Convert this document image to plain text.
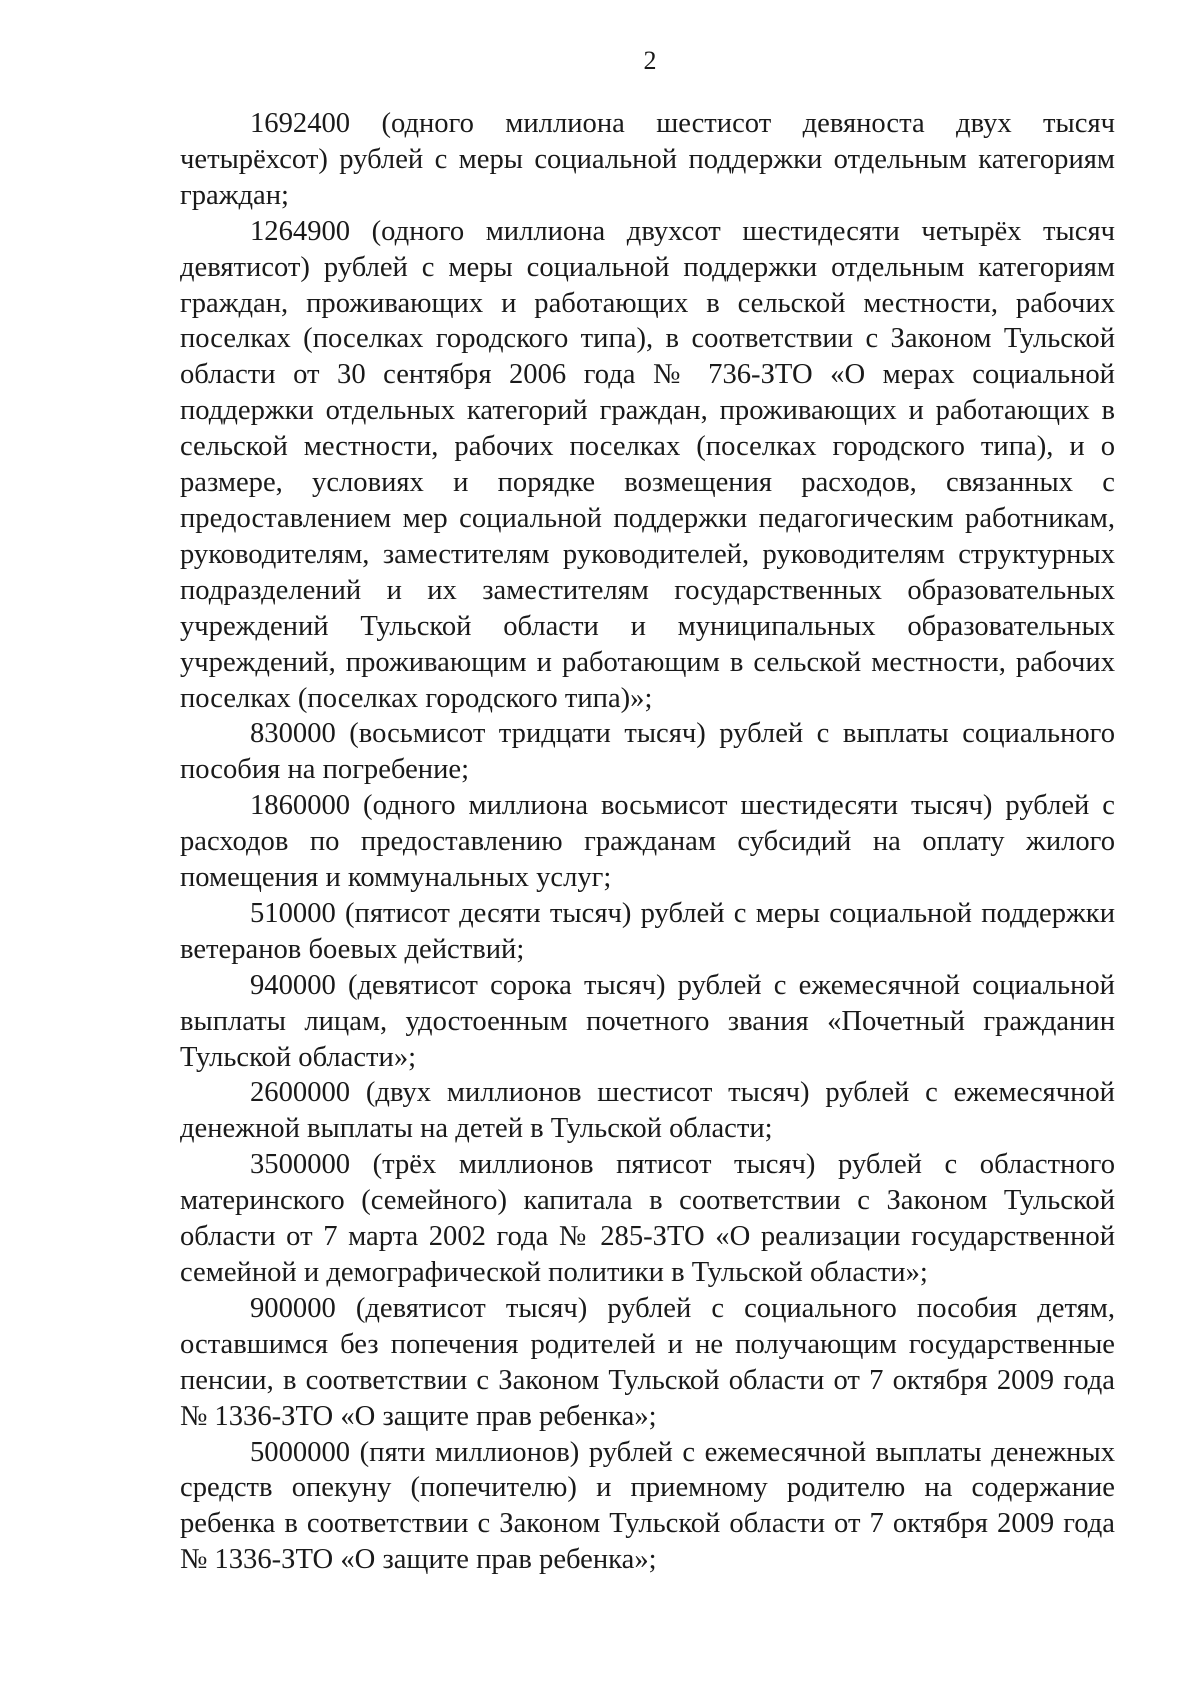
2

1692400 (одного миллиона шестисот девяноста двух тысяч четырёхсот) рублей с меры социальной поддержки отдельным категориям граждан;

1264900 (одного миллиона двухсот шестидесяти четырёх тысяч девятисот) рублей с меры социальной поддержки отдельным категориям граждан, проживающих и работающих в сельской местности, рабочих поселках (поселках городского типа), в соответствии с Законом Тульской области от 30 сентября 2006 года № 736-ЗТО «О мерах социальной поддержки отдельных категорий граждан, проживающих и работающих в сельской местности, рабочих поселках (поселках городского типа), и о размере, условиях и порядке возмещения расходов, связанных с предоставлением мер социальной поддержки педагогическим работникам, руководителям, заместителям руководителей, руководителям структурных подразделений и их заместителям государственных образовательных учреждений Тульской области и муниципальных образовательных учреждений, проживающим и работающим в сельской местности, рабочих поселках (поселках городского типа)»;

830000 (восьмисот тридцати тысяч) рублей с выплаты социального пособия на погребение;

1860000 (одного миллиона восьмисот шестидесяти тысяч) рублей с расходов по предоставлению гражданам субсидий на оплату жилого помещения и коммунальных услуг;

510000 (пятисот десяти тысяч) рублей с меры социальной поддержки ветеранов боевых действий;

940000 (девятисот сорока тысяч) рублей с ежемесячной социальной выплаты лицам, удостоенным почетного звания «Почетный гражданин Тульской области»;

2600000 (двух миллионов шестисот тысяч) рублей с ежемесячной денежной выплаты на детей в Тульской области;

3500000 (трёх миллионов пятисот тысяч) рублей с областного материнского (семейного) капитала в соответствии с Законом Тульской области от 7 марта 2002 года № 285-ЗТО «О реализации государственной семейной и демографической политики в Тульской области»;

900000 (девятисот тысяч) рублей с социального пособия детям, оставшимся без попечения родителей и не получающим государственные пенсии, в соответствии с Законом Тульской области от 7 октября 2009 года № 1336-ЗТО «О защите прав ребенка»;

5000000 (пяти миллионов) рублей с ежемесячной выплаты денежных средств опекуну (попечителю) и приемному родителю на содержание ребенка в соответствии с Законом Тульской области от 7 октября 2009 года № 1336-ЗТО «О защите прав ребенка»;
